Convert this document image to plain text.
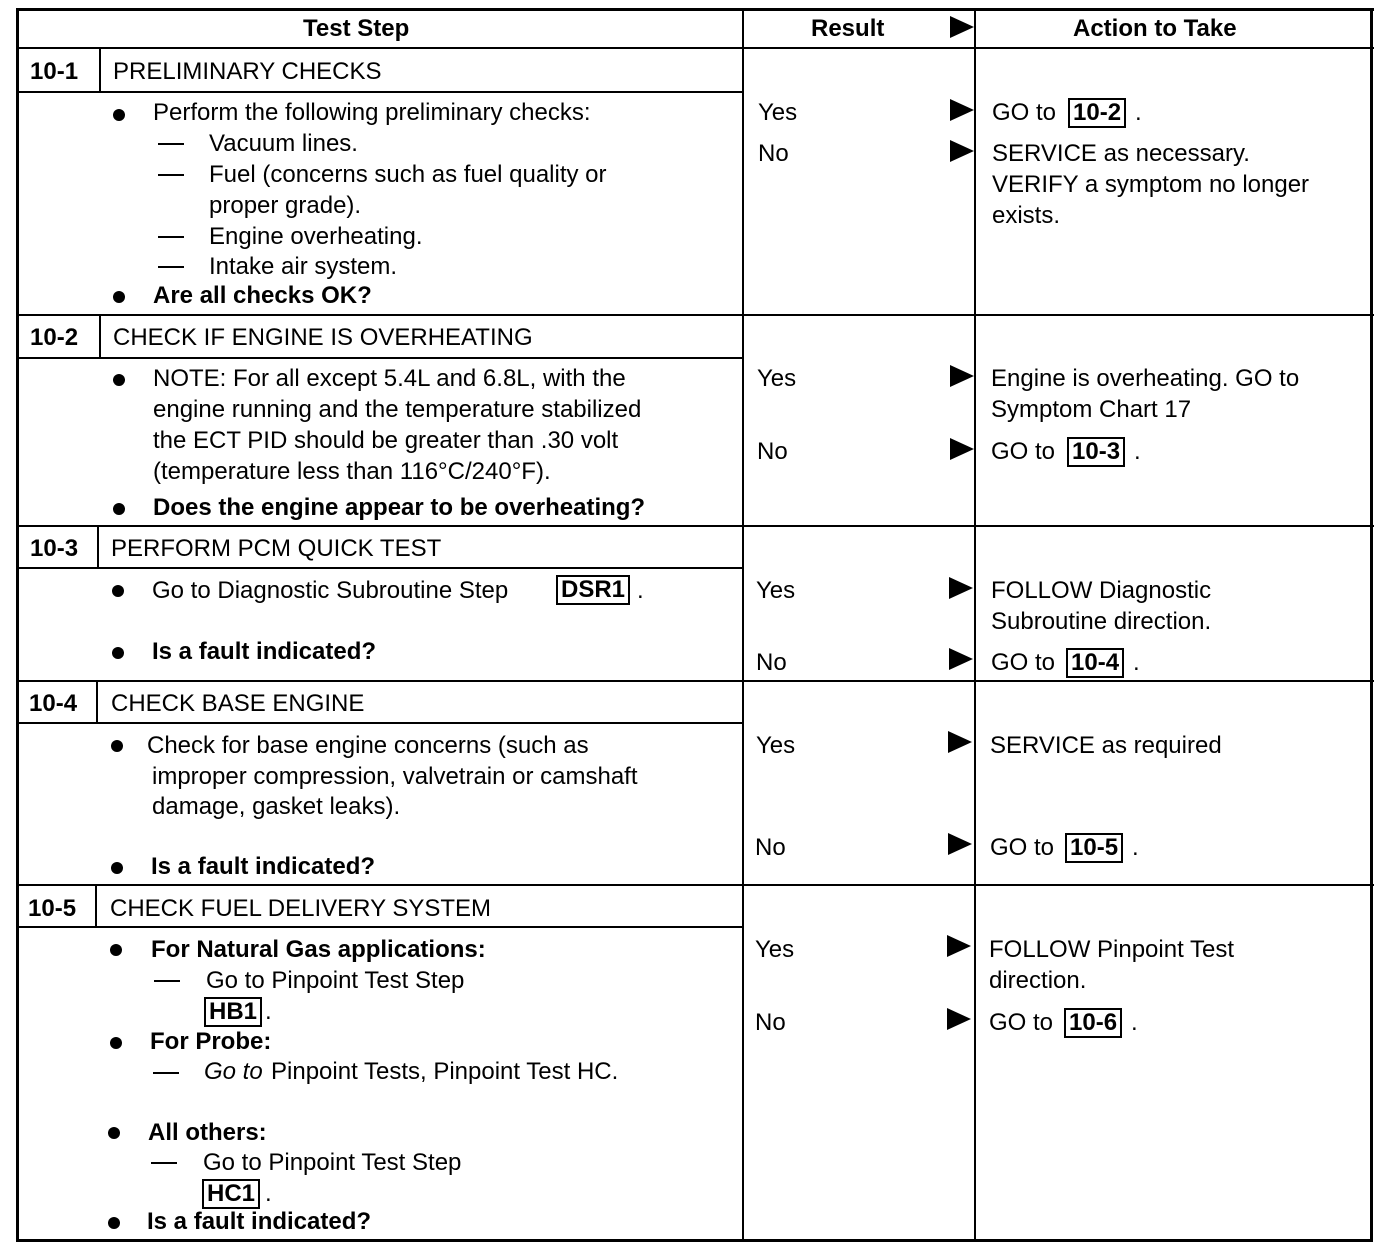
Test Step	Result	Action to Take
10-1 PRELIMINARY CHECKS
Perform the following preliminary checks:
Vacuum lines.
Fuel (concerns such as fuel quality or
proper grade).
Engine overheating.
Intake air system.
Are all checks OK?
Yes
No
GO to 10-2 .
SERVICE as necessary.
VERIFY a symptom no longer
exists.
10-2 CHECK IF ENGINE IS OVERHEATING
NOTE: For all except 5.4L and 6.8L, with the
engine running and the temperature stabilized
the ECT PID should be greater than .30 volt
(temperature less than 116°C/240°F).
Does the engine appear to be overheating?
Yes
No
Engine is overheating. GO to
Symptom Chart 17
GO to 10-3 .
10-3 PERFORM PCM QUICK TEST
Go to Diagnostic Subroutine Step DSR1 .
Is a fault indicated?
Yes
No
FOLLOW Diagnostic
Subroutine direction.
GO to 10-4 .
10-4 CHECK BASE ENGINE
Check for base engine concerns (such as
improper compression, valvetrain or camshaft
damage, gasket leaks).
Is a fault indicated?
Yes
No
SERVICE as required
GO to 10-5 .
10-5 CHECK FUEL DELIVERY SYSTEM
For Natural Gas applications:
Go to Pinpoint Test Step
HB1 .
For Probe:
Go to Pinpoint Tests, Pinpoint Test HC.
All others:
Go to Pinpoint Test Step
HC1 .
Is a fault indicated?
Yes
No
FOLLOW Pinpoint Test
direction.
GO to 10-6 .
